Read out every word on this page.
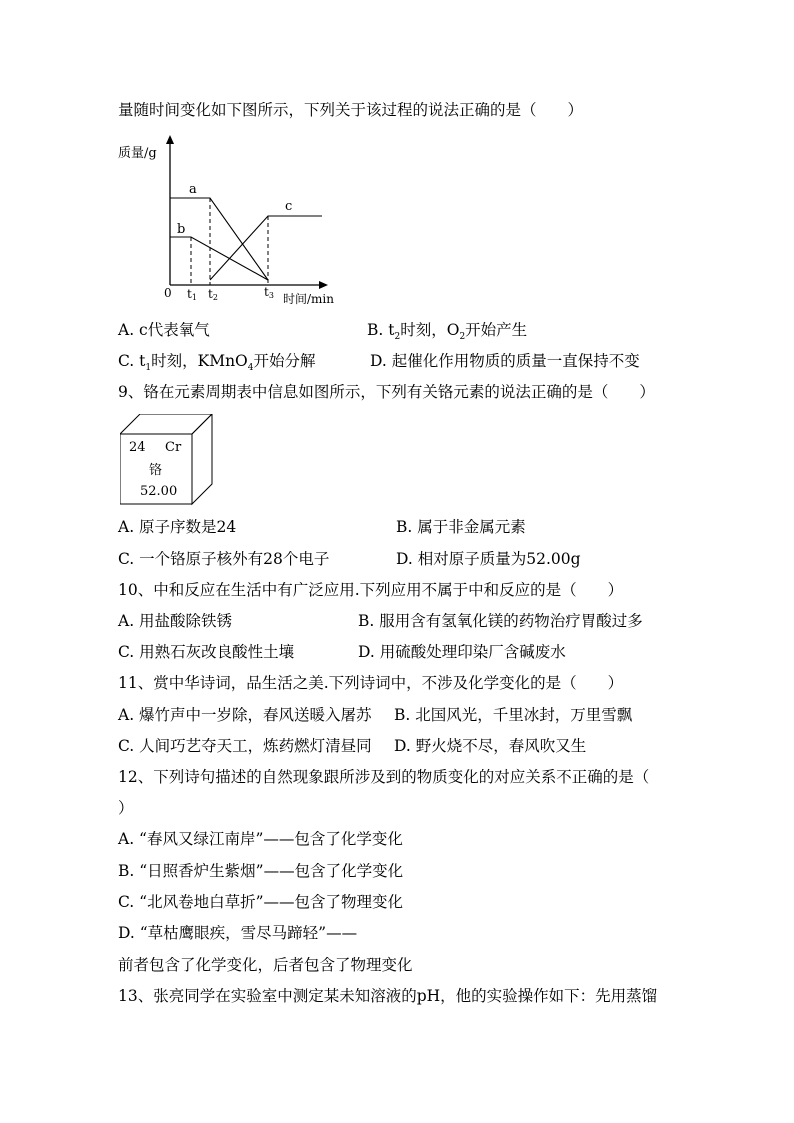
量随时间变化如下图所示，下列关于该过程的说法正确的是（　　）
质量/g
a
b
c
0 t1 t2	t3 时间/min
A. c代表氧气	B. $t_2$时刻，$O_2$开始产生
C. $t_1$时刻，KMnO$_4$开始分解	D. 起催化作用物质的质量一直保持不变
9、铬在元素周期表中信息如图所示，下列有关铬元素的说法正确的是（　　）
24 Cr
铬
52.00
A. 原子序数是24	B. 属于非金属元素
C. 一个铬原子核外有28个电子	D. 相对原子质量为52.00g
10、中和反应在生活中有广泛应用.下列应用不属于中和反应的是（　　）
A. 用盐酸除铁锈	B. 服用含有氢氧化镁的药物治疗胃酸过多
C. 用熟石灰改良酸性土壤	D. 用硫酸处理印染厂含碱废水
11、赏中华诗词，品生活之美.下列诗词中，不涉及化学变化的是（　　）
A. 爆竹声中一岁除，春风送暖入屠苏 B. 北国风光，千里冰封，万里雪飘
C. 人间巧艺夺天工，炼药燃灯清昼同 D. 野火烧不尽，春风吹又生
12、下列诗句描述的自然现象跟所涉及到的物质变化的对应关系不正确的是（
）
A. “春风又绿江南岸”——包含了化学变化
B. “日照香炉生紫烟”——包含了化学变化
C. “北风卷地白草折”——包含了物理变化
D. “草枯鹰眼疾，雪尽马蹄轻”——
前者包含了化学变化，后者包含了物理变化
13、张亮同学在实验室中测定某未知溶液的pH，他的实验操作如下：先用蒸馏
